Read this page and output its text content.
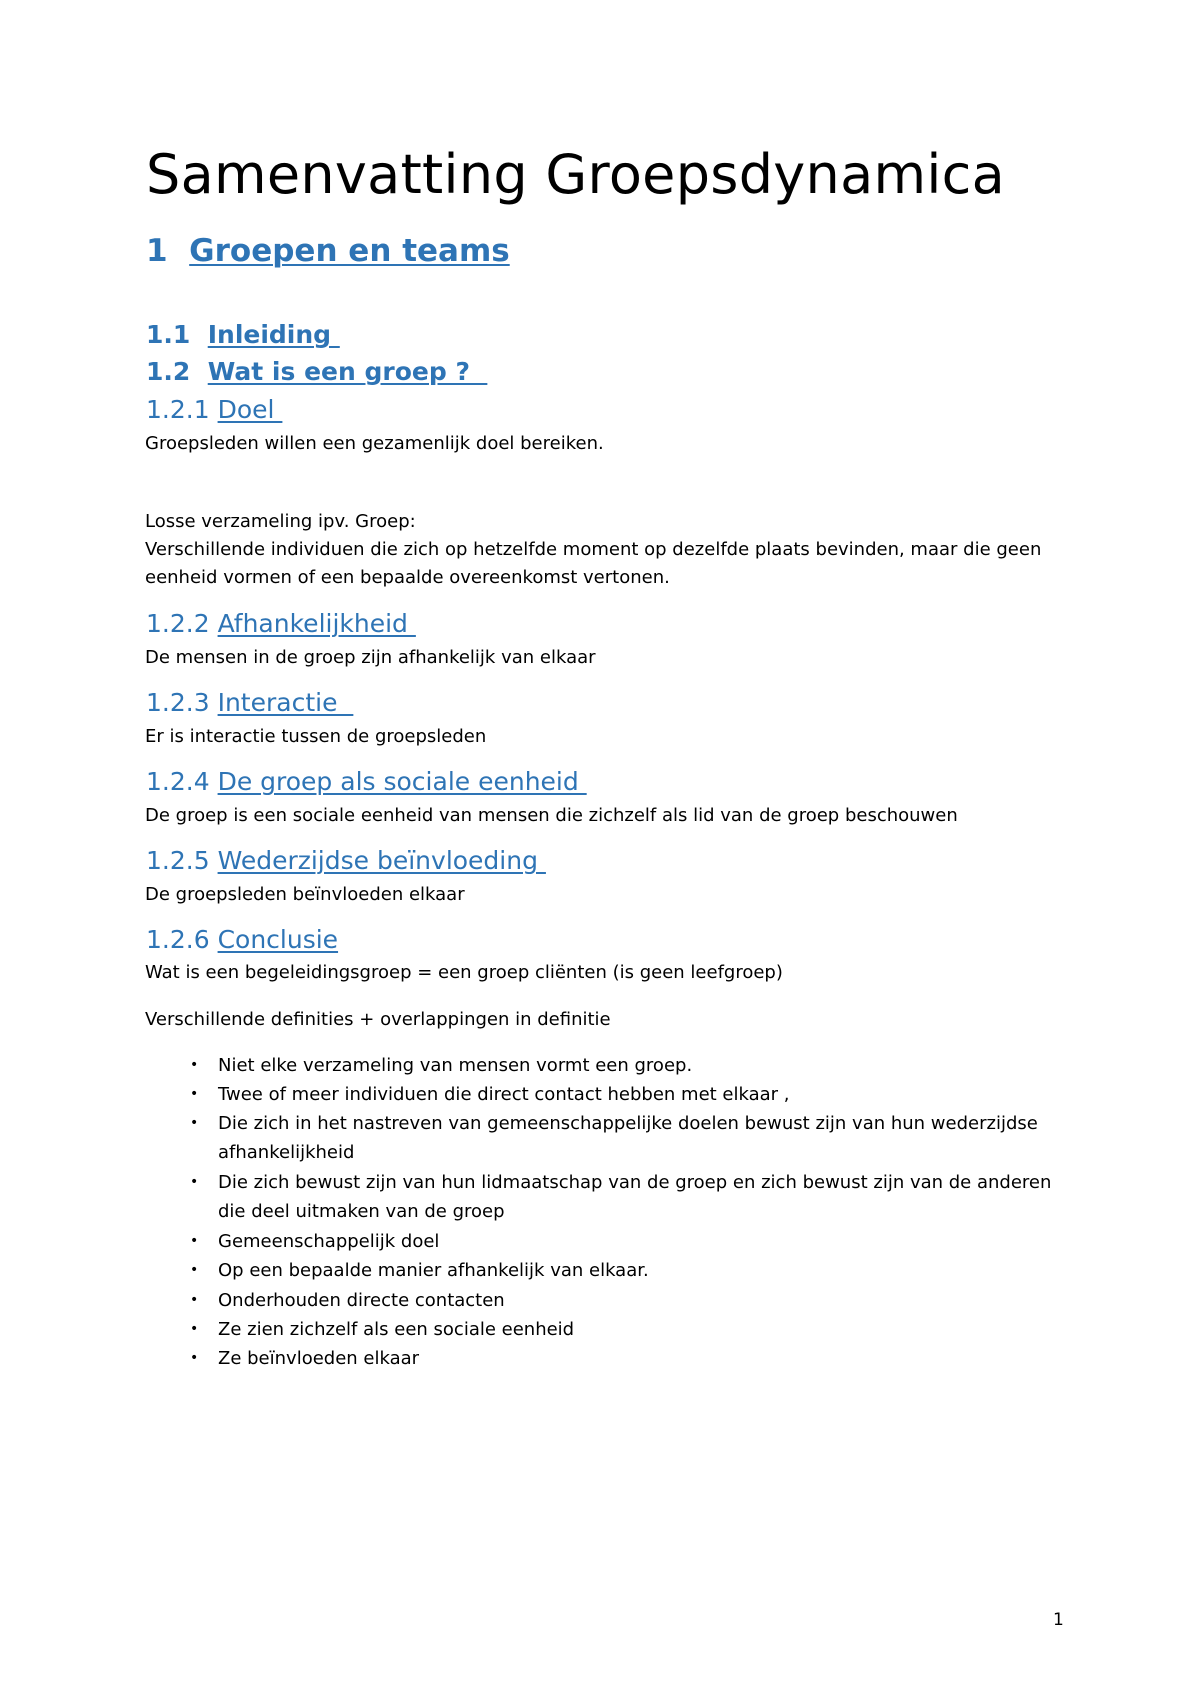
Samenvatting Groepsdynamica
1 Groepen en teams
1.1 Inleiding
1.2 Wat is een groep ?
1.2.1 Doel
Groepsleden willen een gezamenlijk doel bereiken.
Losse verzameling ipv. Groep:
Verschillende individuen die zich op hetzelfde moment op dezelfde plaats bevinden, maar die geen
eenheid vormen of een bepaalde overeenkomst vertonen.
1.2.2 Afhankelijkheid
De mensen in de groep zijn afhankelijk van elkaar
1.2.3 Interactie
Er is interactie tussen de groepsleden
1.2.4 De groep als sociale eenheid
De groep is een sociale eenheid van mensen die zichzelf als lid van de groep beschouwen
1.2.5 Wederzijdse beïnvloeding
De groepsleden beïnvloeden elkaar
1.2.6 Conclusie
Wat is een begeleidingsgroep = een groep cliënten (is geen leefgroep)
Verschillende definities + overlappingen in definitie
• Niet elke verzameling van mensen vormt een groep.
• Twee of meer individuen die direct contact hebben met elkaar ,
• Die zich in het nastreven van gemeenschappelijke doelen bewust zijn van hun wederzijdse afhankelijkheid
• Die zich bewust zijn van hun lidmaatschap van de groep en zich bewust zijn van de anderen die deel uitmaken van de groep
• Gemeenschappelijk doel
• Op een bepaalde manier afhankelijk van elkaar.
• Onderhouden directe contacten
• Ze zien zichzelf als een sociale eenheid
• Ze beïnvloeden elkaar
1
